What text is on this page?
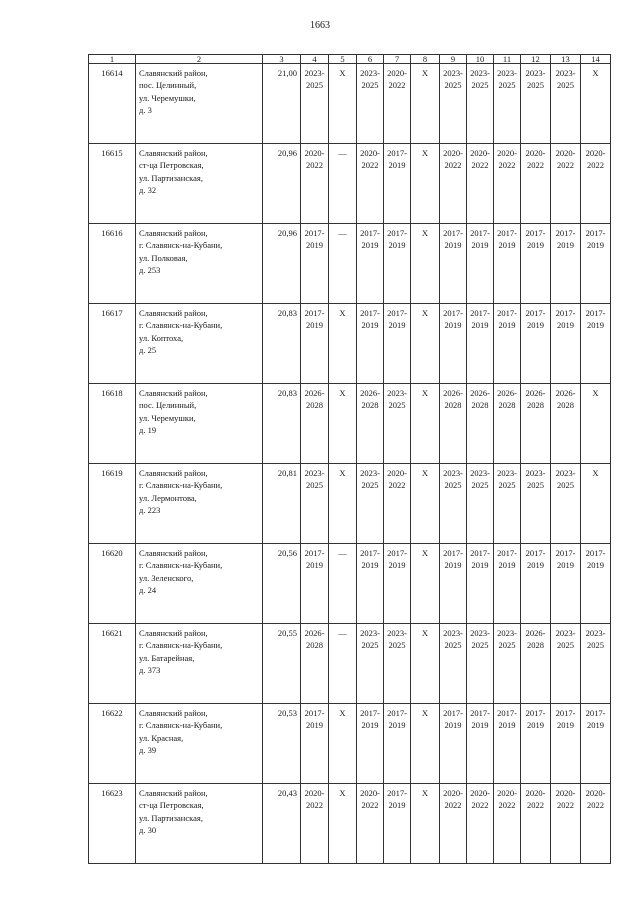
1663
1	2	3	4	5	6	7	8	9	10	11	12	13	14
16614	Славянский район,
пос. Целинный,
ул. Черемушки,
д. 3	21,00	2023-
2025	X	2023-
2025	2020-
2022	X	2023-
2025	2023-
2025	2023-
2025	2023-
2025	2023-
2025	X
16615	Славянский район,
ст-ца Петровская,
ул. Партизанская,
д. 32	20,96	2020-
2022	—	2020-
2022	2017-
2019	X	2020-
2022	2020-
2022	2020-
2022	2020-
2022	2020-
2022	2020-
2022
16616	Славянский район,
г. Славянск-на-Кубани,
ул. Полковая,
д. 253	20,96	2017-
2019	—	2017-
2019	2017-
2019	X	2017-
2019	2017-
2019	2017-
2019	2017-
2019	2017-
2019	2017-
2019
16617	Славянский район,
г. Славянск-на-Кубани,
ул. Коптоха,
д. 25	20,83	2017-
2019	X	2017-
2019	2017-
2019	X	2017-
2019	2017-
2019	2017-
2019	2017-
2019	2017-
2019	2017-
2019
16618	Славянский район,
пос. Целинный,
ул. Черемушки,
д. 19	20,83	2026-
2028	X	2026-
2028	2023-
2025	X	2026-
2028	2026-
2028	2026-
2028	2026-
2028	2026-
2028	X
16619	Славянский район,
г. Славянск-на-Кубани,
ул. Лермонтова,
д. 223	20,81	2023-
2025	X	2023-
2025	2020-
2022	X	2023-
2025	2023-
2025	2023-
2025	2023-
2025	2023-
2025	X
16620	Славянский район,
г. Славянск-на-Кубани,
ул. Зеленского,
д. 24	20,56	2017-
2019	—	2017-
2019	2017-
2019	X	2017-
2019	2017-
2019	2017-
2019	2017-
2019	2017-
2019	2017-
2019
16621	Славянский район,
г. Славянск-на-Кубани,
ул. Батарейная,
д. 373	20,55	2026-
2028	—	2023-
2025	2023-
2025	X	2023-
2025	2023-
2025	2023-
2025	2026-
2028	2023-
2025	2023-
2025
16622	Славянский район,
г. Славянск-на-Кубани,
ул. Красная,
д. 39	20,53	2017-
2019	X	2017-
2019	2017-
2019	X	2017-
2019	2017-
2019	2017-
2019	2017-
2019	2017-
2019	2017-
2019
16623	Славянский район,
ст-ца Петровская,
ул. Партизанская,
д. 30	20,43	2020-
2022	X	2020-
2022	2017-
2019	X	2020-
2022	2020-
2022	2020-
2022	2020-
2022	2020-
2022	2020-
2022
